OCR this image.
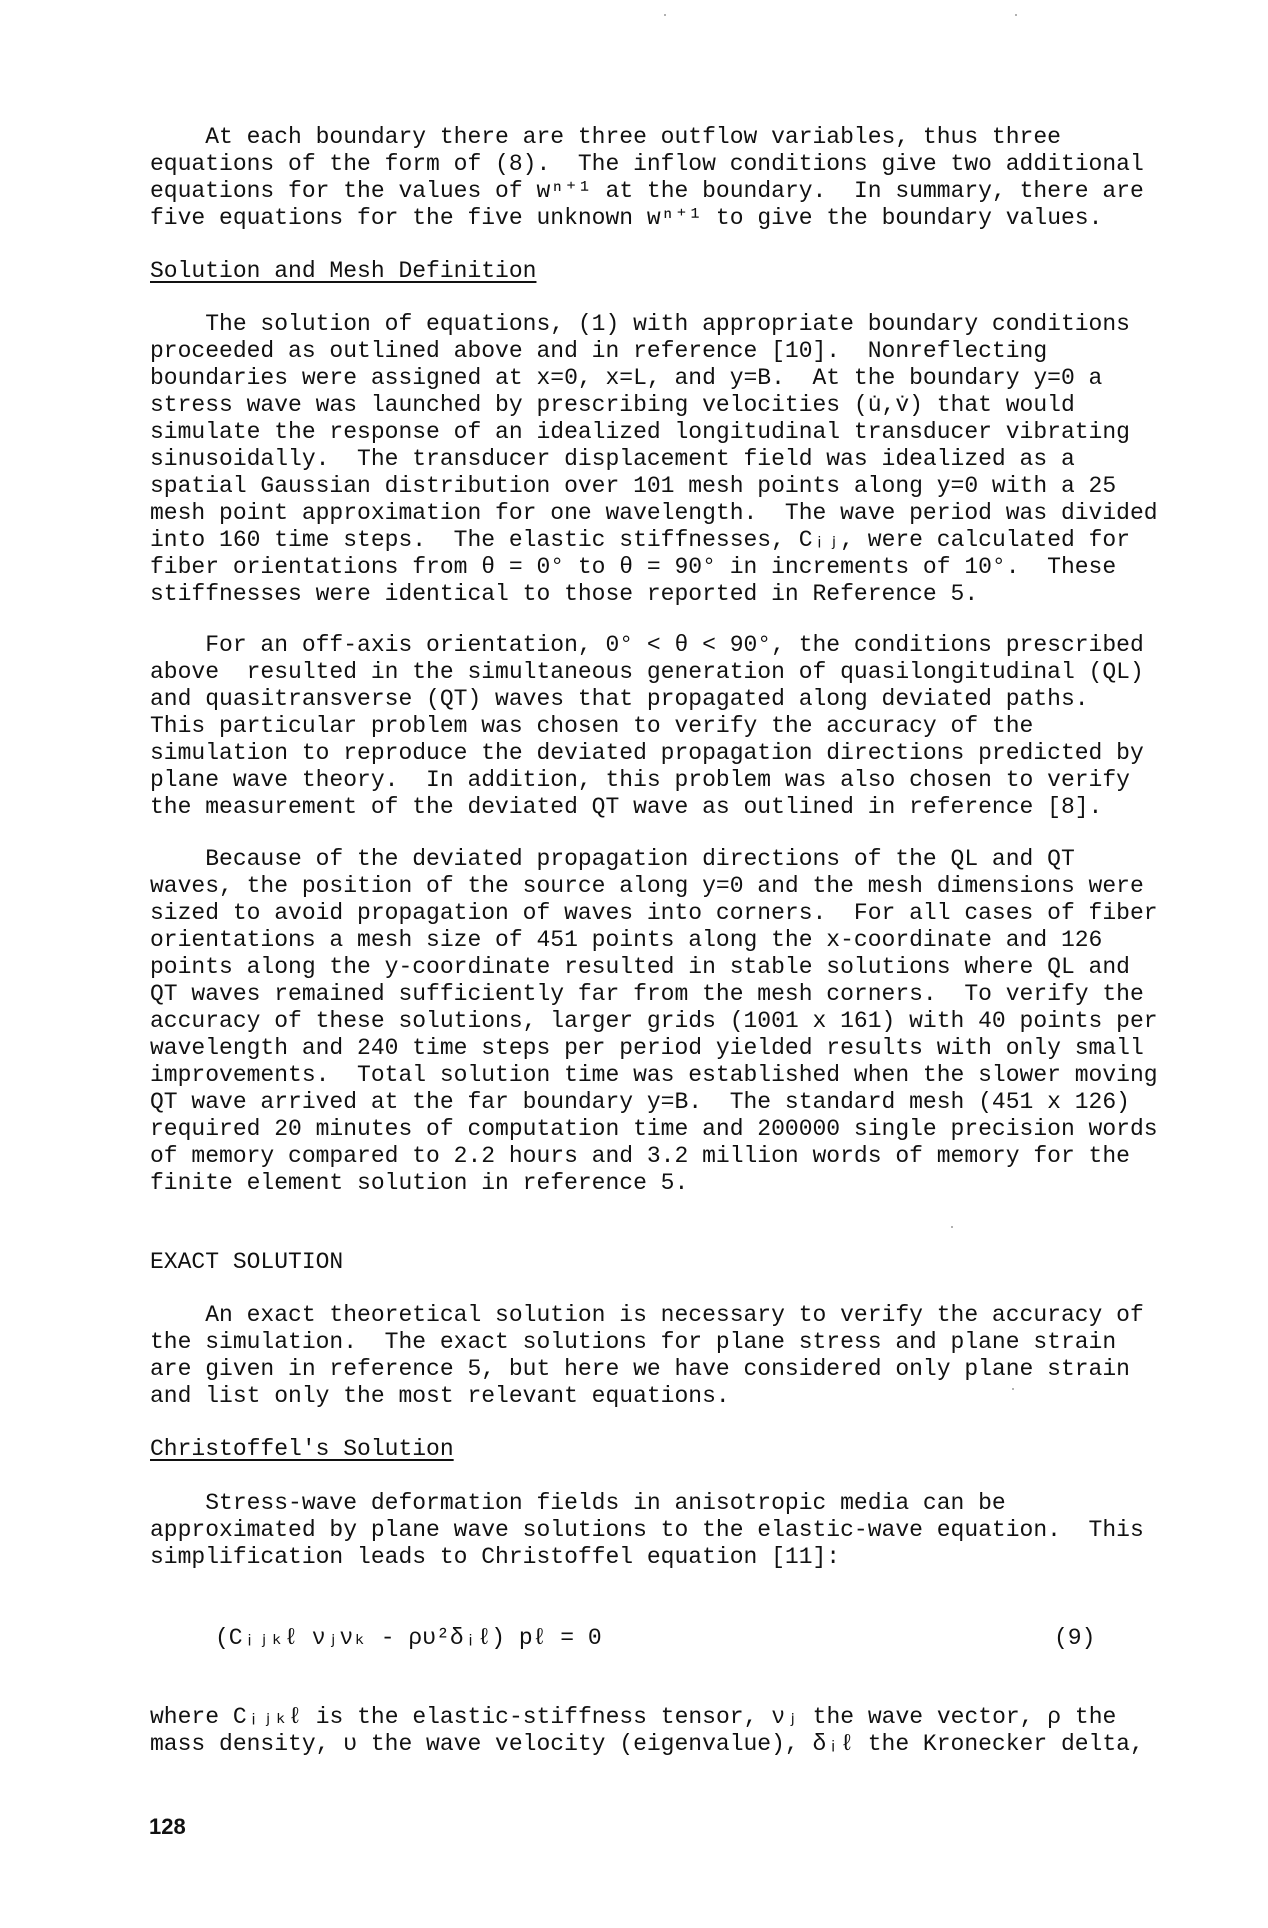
At each boundary there are three outflow variables, thus three
equations of the form of (8).  The inflow conditions give two additional
equations for the values of wⁿ⁺¹ at the boundary.  In summary, there are
five equations for the five unknown wⁿ⁺¹ to give the boundary values.
Solution and Mesh Definition
The solution of equations, (1) with appropriate boundary conditions
proceeded as outlined above and in reference [10].  Nonreflecting
boundaries were assigned at x=0, x=L, and y=B.  At the boundary y=0 a
stress wave was launched by prescribing velocities (u̇,v̇) that would
simulate the response of an idealized longitudinal transducer vibrating
sinusoidally.  The transducer displacement field was idealized as a
spatial Gaussian distribution over 101 mesh points along y=0 with a 25
mesh point approximation for one wavelength.  The wave period was divided
into 160 time steps.  The elastic stiffnesses, Cᵢⱼ, were calculated for
fiber orientations from θ = 0° to θ = 90° in increments of 10°.  These
stiffnesses were identical to those reported in Reference 5.
For an off-axis orientation, 0° < θ < 90°, the conditions prescribed
above  resulted in the simultaneous generation of quasilongitudinal (QL)
and quasitransverse (QT) waves that propagated along deviated paths.
This particular problem was chosen to verify the accuracy of the
simulation to reproduce the deviated propagation directions predicted by
plane wave theory.  In addition, this problem was also chosen to verify
the measurement of the deviated QT wave as outlined in reference [8].
Because of the deviated propagation directions of the QL and QT
waves, the position of the source along y=0 and the mesh dimensions were
sized to avoid propagation of waves into corners.  For all cases of fiber
orientations a mesh size of 451 points along the x-coordinate and 126
points along the y-coordinate resulted in stable solutions where QL and
QT waves remained sufficiently far from the mesh corners.  To verify the
accuracy of these solutions, larger grids (1001 x 161) with 40 points per
wavelength and 240 time steps per period yielded results with only small
improvements.  Total solution time was established when the slower moving
QT wave arrived at the far boundary y=B.  The standard mesh (451 x 126)
required 20 minutes of computation time and 200000 single precision words
of memory compared to 2.2 hours and 3.2 million words of memory for the
finite element solution in reference 5.
EXACT SOLUTION
An exact theoretical solution is necessary to verify the accuracy of
the simulation.  The exact solutions for plane stress and plane strain
are given in reference 5, but here we have considered only plane strain
and list only the most relevant equations.
Christoffel's Solution
Stress-wave deformation fields in anisotropic media can be
approximated by plane wave solutions to the elastic-wave equation.  This
simplification leads to Christoffel equation [11]:
(Cᵢⱼₖℓ νⱼνₖ - ρυ²δᵢℓ) pℓ = 0	(9)
where Cᵢⱼₖℓ is the elastic-stiffness tensor, νⱼ the wave vector, ρ the
mass density, υ the wave velocity (eigenvalue), δᵢℓ the Kronecker delta,
128
